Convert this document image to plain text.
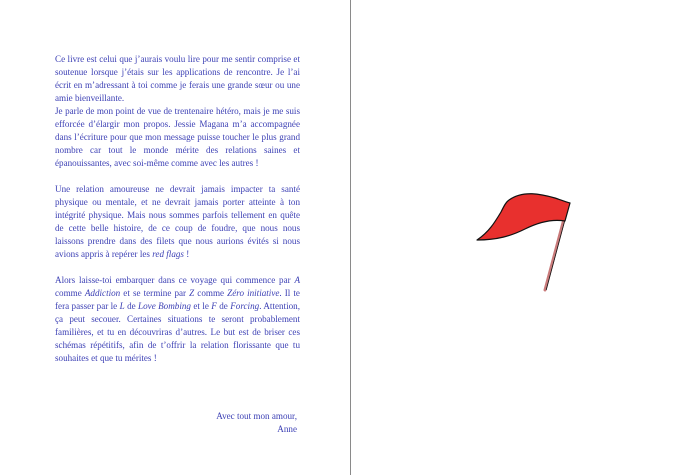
Ce livre est celui que j’aurais voulu lire pour me sentir comprise et soutenue lorsque j’étais sur les applications de rencontre. Je l’ai écrit en m’adressant à toi comme je ferais une grande sœur ou une amie bienveillante.

Je parle de mon point de vue de trentenaire hétéro, mais je me suis efforcée d’élargir mon propos. Jessie Magana m’a accompagnée dans l’écriture pour que mon message puisse toucher le plus grand nombre car tout le monde mérite des relations saines et épanouissantes, avec soi-même comme avec les autres !

Une relation amoureuse ne devrait jamais impacter ta santé physique ou mentale, et ne devrait jamais porter atteinte à ton intégrité physique. Mais nous sommes parfois tellement en quête de cette belle histoire, de ce coup de foudre, que nous nous laissons prendre dans des filets que nous aurions évités si nous avions appris à repérer les red flags !

Alors laisse-toi embarquer dans ce voyage qui commence par A comme Addiction et se termine par Z comme Zéro initiative. Il te fera passer par le L de Love Bombing et le F de Forcing. Attention, ça peut secouer. Certaines situations te seront probablement familières, et tu en découvriras d’autres. Le but est de briser ces schémas répétitifs, afin de t’offrir la relation florissante que tu souhaites et que tu mérites !

Avec tout mon amour,
Anne
